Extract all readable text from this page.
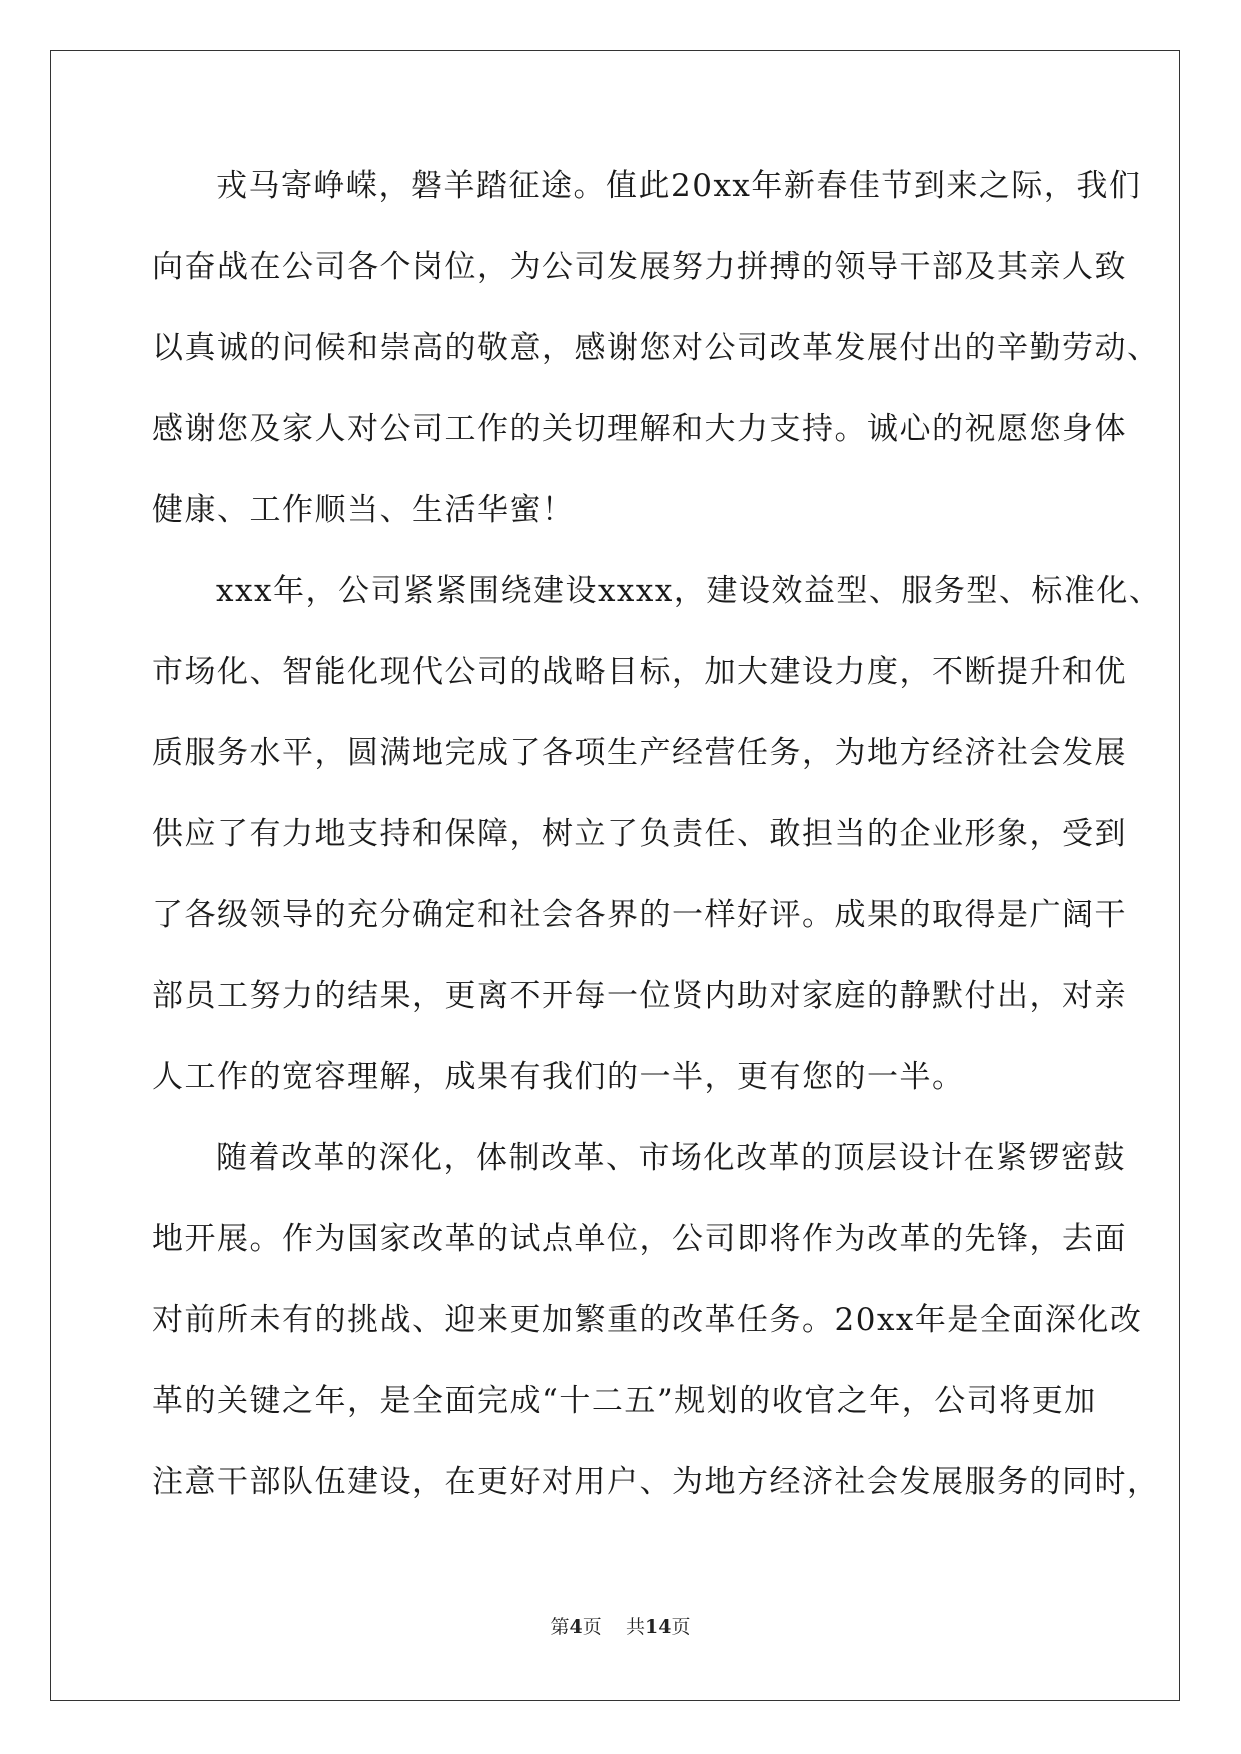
戎马寄峥嵘，磐羊踏征途。值此20xx年新春佳节到来之际，我们
向奋战在公司各个岗位，为公司发展努力拼搏的领导干部及其亲人致
以真诚的问候和崇高的敬意，感谢您对公司改革发展付出的辛勤劳动、
感谢您及家人对公司工作的关切理解和大力支持。诚心的祝愿您身体
健康、工作顺当、生活华蜜！
xxx年，公司紧紧围绕建设xxxx，建设效益型、服务型、标准化、
市场化、智能化现代公司的战略目标，加大建设力度，不断提升和优
质服务水平，圆满地完成了各项生产经营任务，为地方经济社会发展
供应了有力地支持和保障，树立了负责任、敢担当的企业形象，受到
了各级领导的充分确定和社会各界的一样好评。成果的取得是广阔干
部员工努力的结果，更离不开每一位贤内助对家庭的静默付出，对亲
人工作的宽容理解，成果有我们的一半，更有您的一半。
随着改革的深化，体制改革、市场化改革的顶层设计在紧锣密鼓
地开展。作为国家改革的试点单位，公司即将作为改革的先锋，去面
对前所未有的挑战、迎来更加繁重的改革任务。20xx年是全面深化改
革的关键之年，是全面完成“十二五”规划的收官之年，公司将更加
注意干部队伍建设，在更好对用户、为地方经济社会发展服务的同时，
第4页 共14页
